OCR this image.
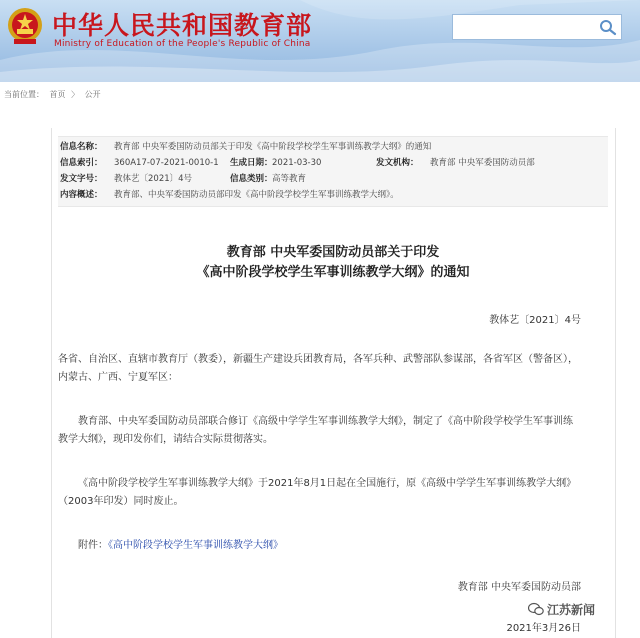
中华人民共和国教育部
Ministry of Education of the People's Republic of China
当前位置： 首页 〉 公开
信息名称： 教育部 中央军委国防动员部关于印发《高中阶段学校学生军事训练教学大纲》的通知
信息索引： 360A17-07-2021-0010-1 生成日期： 2021-03-30	发文机构： 教育部 中央军委国防动员部
发文字号： 教体艺〔2021〕4号	信息类别： 高等教育
内容概述： 教育部、中央军委国防动员部印发《高中阶段学校学生军事训练教学大纲》。
教育部 中央军委国防动员部关于印发
《高中阶段学校学生军事训练教学大纲》的通知
教体艺〔2021〕4号
各省、自治区、直辖市教育厅（教委），新疆生产建设兵团教育局，各军兵种、武警部队参谋部，各省军区（警备区），内蒙古、广西、宁夏军区：
教育部、中央军委国防动员部联合修订《高级中学学生军事训练教学大纲》，制定了《高中阶段学校学生军事训练教学大纲》，现印发你们，请结合实际贯彻落实。
《高中阶段学校学生军事训练教学大纲》于2021年8月1日起在全国施行，原《高级中学学生军事训练教学大纲》（2003年印发）同时废止。
附件：《高中阶段学校学生军事训练教学大纲》
教育部 中央军委国防动员部
江苏新闻
2021年3月26日
